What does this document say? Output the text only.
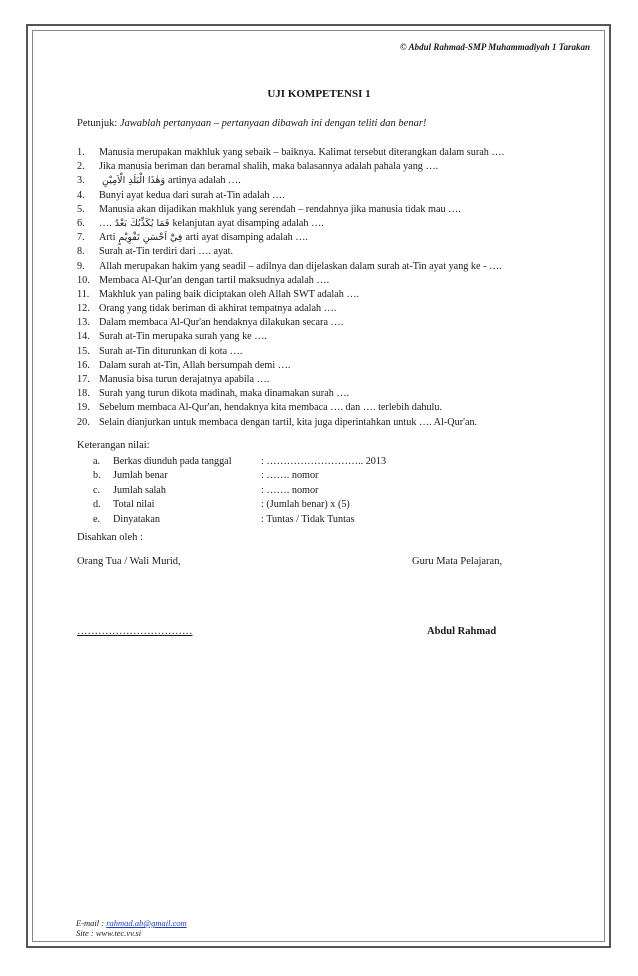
© Abdul Rahmad-SMP Muhammadiyah 1 Tarakan
UJI KOMPETENSI 1
Petunjuk: Jawablah pertanyaan – pertanyaan dibawah ini dengan teliti dan benar!
1. Manusia merupakan makhluk yang sebaik – baiknya. Kalimat tersebut diterangkan dalam surah ….
2. Jika manusia beriman dan beramal shalih, maka balasannya adalah pahala yang ….
3. وَهٰذَا الْبَلَدِ الْاَمِيْنِ artinya adalah ….
4. Bunyi ayat kedua dari surah at-Tin adalah ….
5. Manusia akan dijadikan makhluk yang serendah – rendahnya jika manusia tidak mau ….
6. …. فَمَا يُكَذِّبُكَ بَعْدُ kelanjutan ayat disamping adalah ….
7. Arti فِيْٓ اَحْسَنِ تَقْوِيْمٍ arti ayat disamping adalah ….
8. Surah at-Tin terdiri dari …. ayat.
9. Allah merupakan hakim yang seadil – adilnya dan dijelaskan dalam surah at-Tin ayat yang ke - ….
10. Membaca Al-Qur'an dengan tartil maksudnya adalah ….
11. Makhluk yan paling baik diciptakan oleh Allah SWT adalah ….
12. Orang yang tidak beriman di akhirat tempatnya adalah ….
13. Dalam membaca Al-Qur'an hendaknya dilakukan secara ….
14. Surah at-Tin merupaka surah yang ke ….
15. Surah at-Tin diturunkan di kota ….
16. Dalam surah at-Tin, Allah bersumpah demi ….
17. Manusia bisa turun derajatnya apabila ….
18. Surah yang turun dikota madinah, maka dinamakan surah ….
19. Sebelum membaca Al-Qur'an, hendaknya kita membaca …. dan …. terlebih dahulu.
20. Selain dianjurkan untuk membaca dengan tartil, kita juga diperintahkan untuk …. Al-Qur'an.
Keterangan nilai:
a. Berkas diunduh pada tanggal	: ……………………….. 2013
b. Jumlah benar	: ……. nomor
c. Jumlah salah	: ……. nomor
d. Total nilai	: (Jumlah benar) x (5)
e. Dinyatakan	: Tuntas / Tidak Tuntas
Disahkan oleh :
Orang Tua / Wali Murid,	Guru Mata Pelajaran,
……………………………	Abdul Rahmad
E-mail : rahmad.ab@gmail.com
Site : www.tec.vv.si
